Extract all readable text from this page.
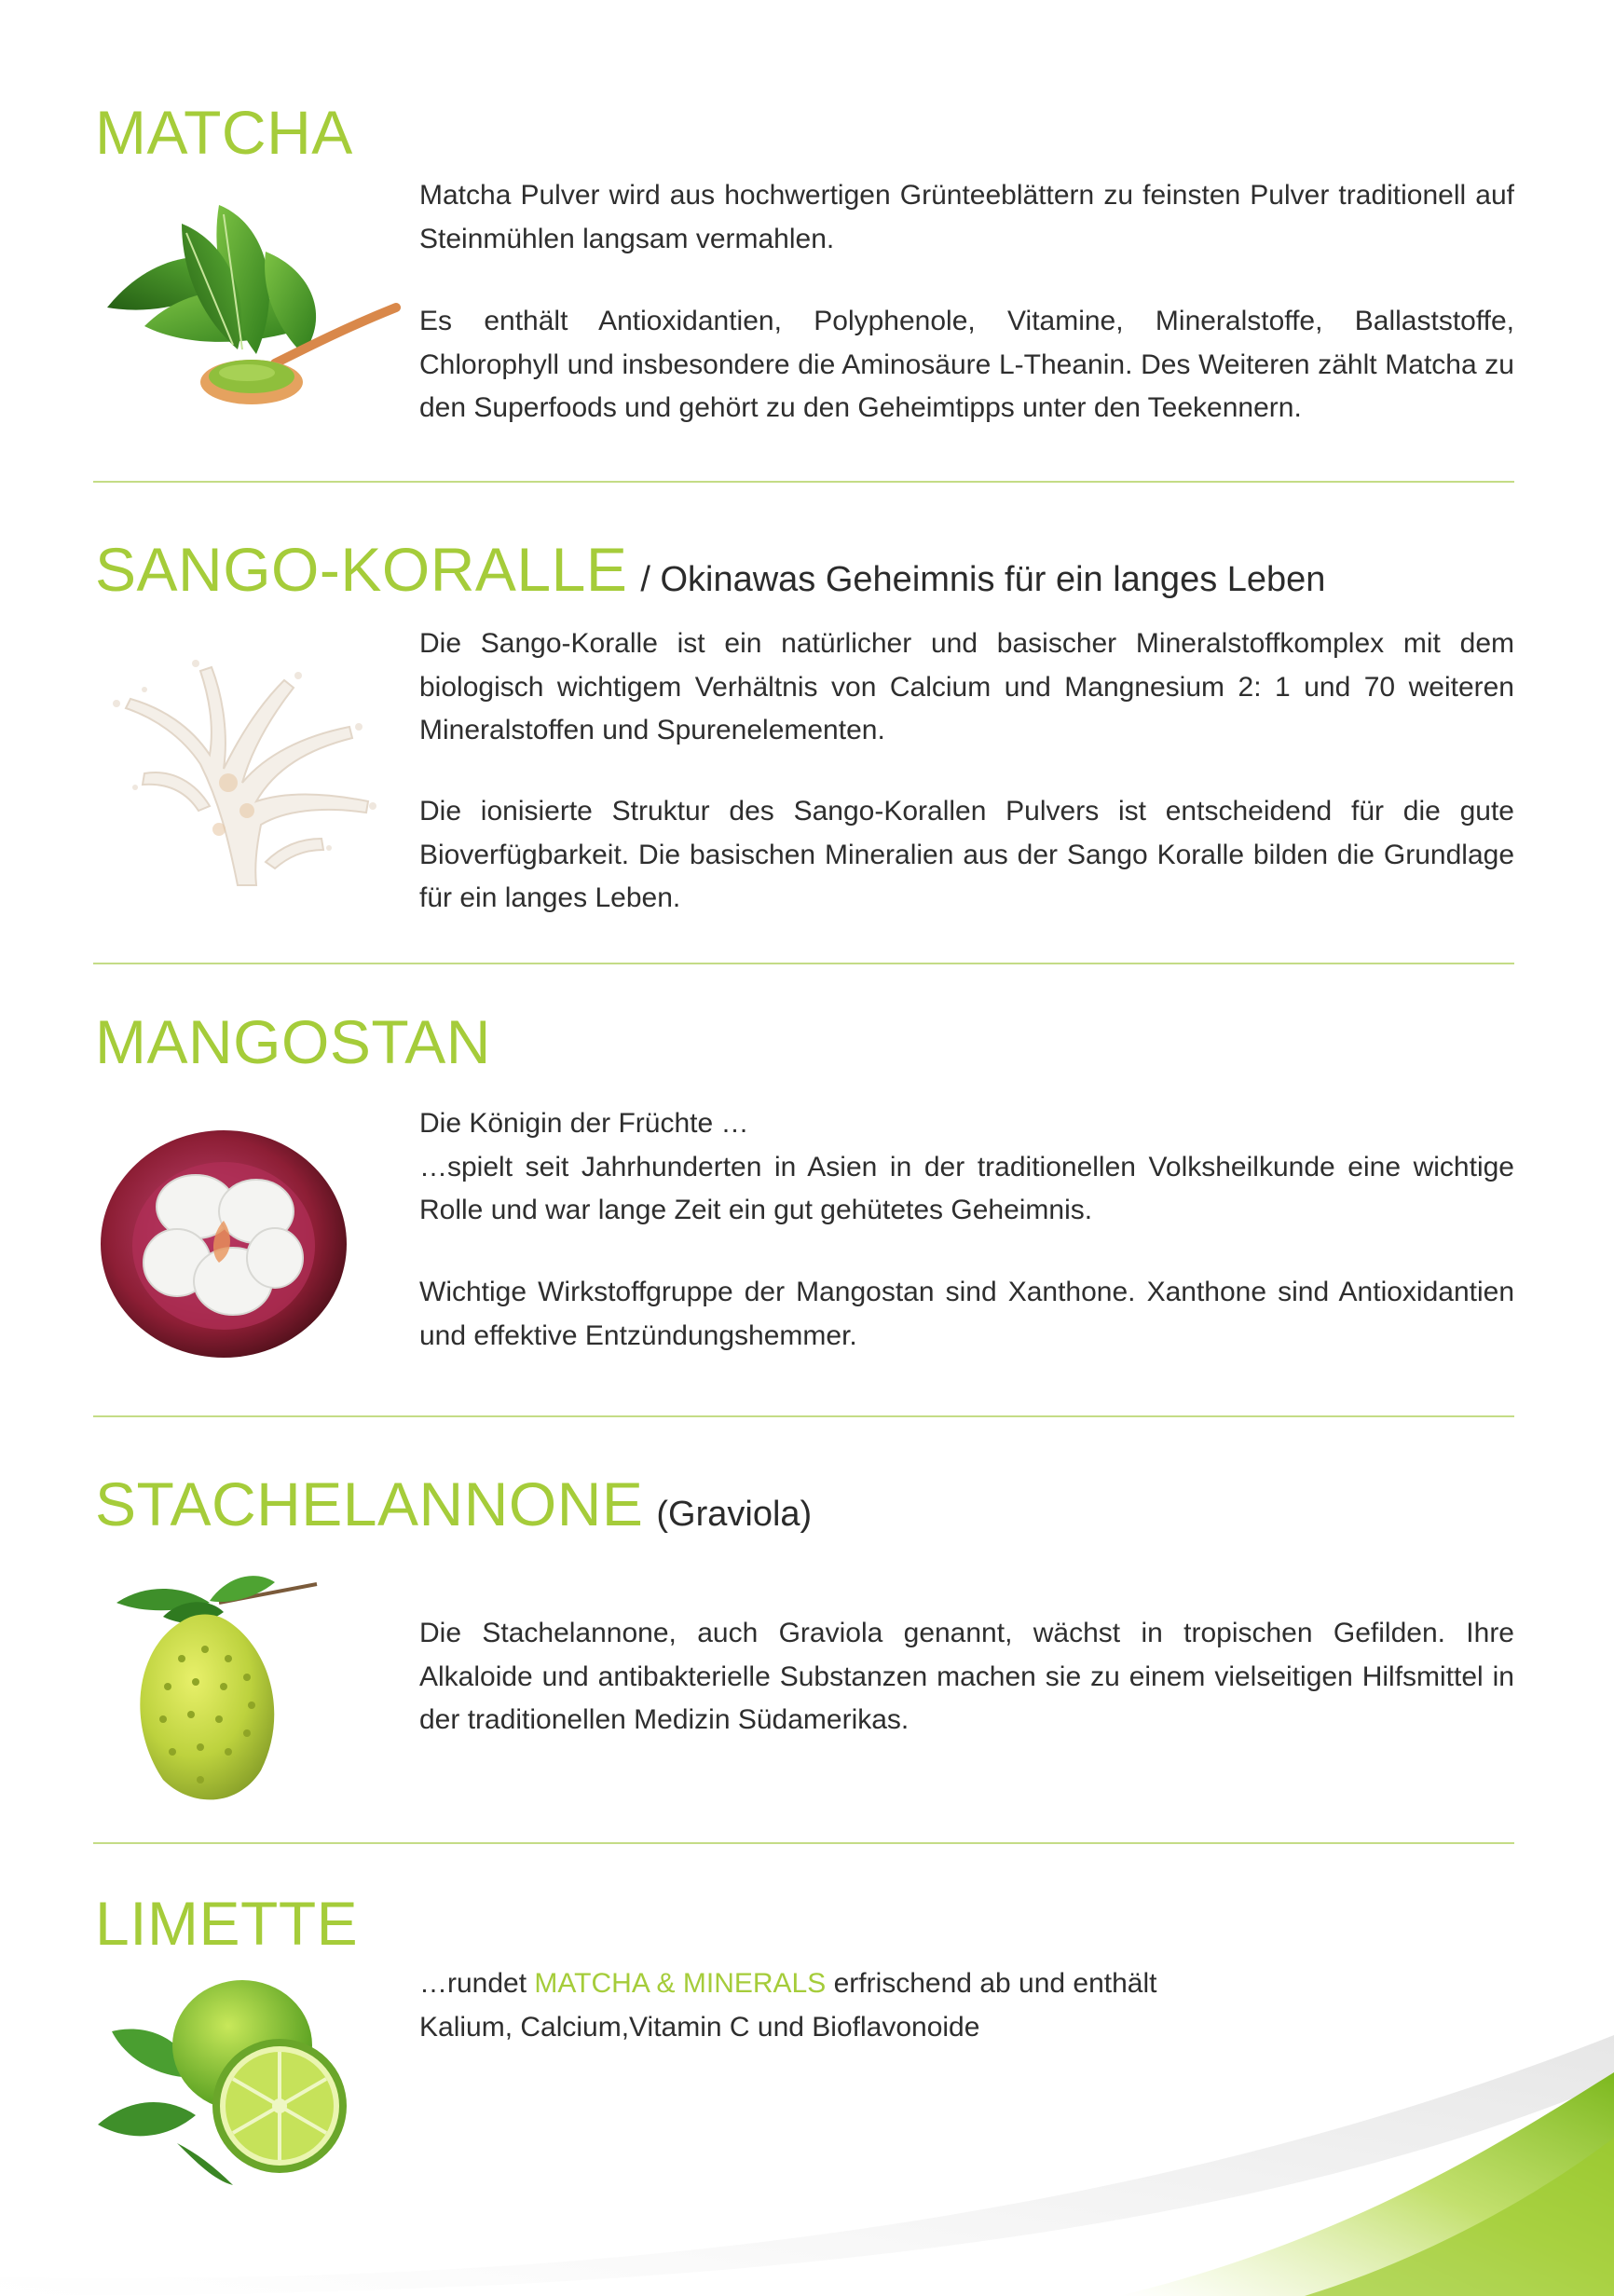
MATCHA

Matcha Pulver wird aus hochwertigen Grünteeblättern zu feinsten Pulver traditionell auf Steinmühlen langsam vermahlen.

Es enthält Antioxidantien, Polyphenole, Vitamine, Mineralstoffe, Ballaststoffe, Chlorophyll und insbesondere die Aminosäure L-Theanin. Des Weiteren zählt Matcha zu den Superfoods und gehört zu den Geheimtipps unter den Teekennern.

SANGO-KORALLE / Okinawas Geheimnis für ein langes Leben

Die Sango-Koralle ist ein natürlicher und basischer Mineralstoffkomplex mit dem biologisch wichtigem Verhältnis von Calcium und Mangnesium 2: 1 und 70 weiteren Mineralstoffen und Spurenelementen.

Die ionisierte Struktur des Sango-Korallen Pulvers ist entscheidend für die gute Bioverfügbarkeit. Die basischen Mineralien aus der Sango Koralle bilden die Grundlage für ein langes Leben.

MANGOSTAN

Die Königin der Früchte …
…spielt seit Jahrhunderten in Asien in der traditionellen Volksheilkunde eine wichtige Rolle und war lange Zeit ein gut gehütetes Geheimnis.

Wichtige Wirkstoffgruppe der Mangostan sind Xanthone. Xanthone sind Antioxidantien und effektive Entzündungshemmer.

STACHELANNONE (Graviola)

Die Stachelannone, auch Graviola genannt, wächst in tropischen Gefilden. Ihre Alkaloide und antibakterielle Substanzen machen sie zu einem vielseitigen Hilfsmittel in der traditionellen Medizin Südamerikas.

LIMETTE

…rundet MATCHA & MINERALS erfrischend ab und enthält
Kalium, Calcium,Vitamin C und Bioflavonoide
